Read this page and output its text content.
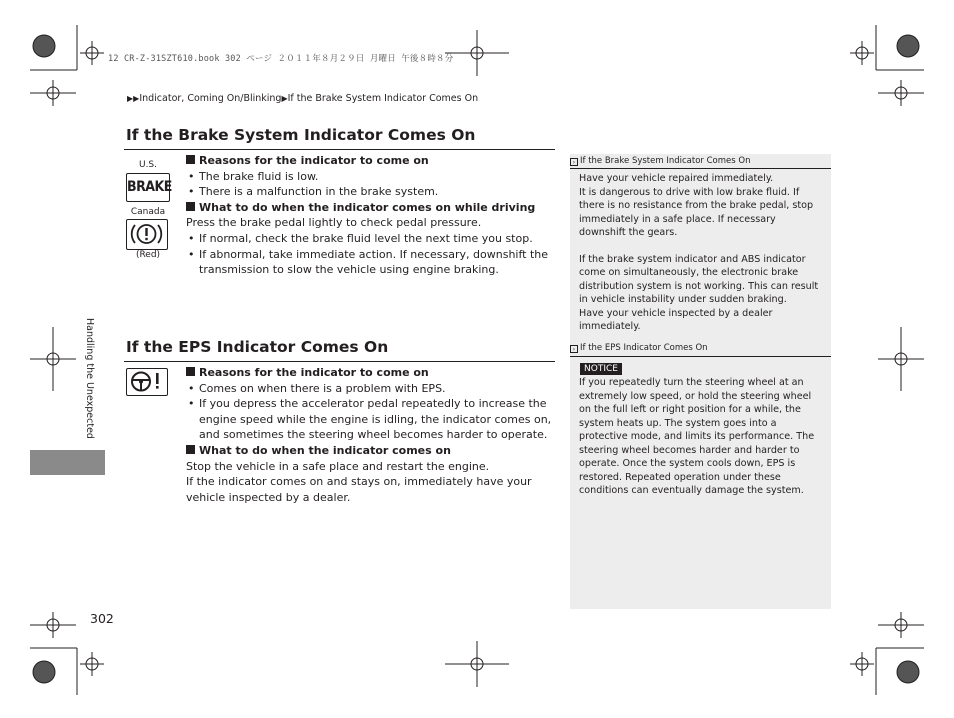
12 CR-Z-31SZT610.book 302 ページ ２０１１年８月２９日 月曜日 午後８時８分
▶▶Indicator, Coming On/Blinking▶If the Brake System Indicator Comes On
Handling the Unexpected
If the Brake System Indicator Comes On
U.S.
BRAKE
Canada
(Red)
Reasons for the indicator to come on
• The brake fluid is low.
• There is a malfunction in the brake system.
What to do when the indicator comes on while driving
Press the brake pedal lightly to check pedal pressure.
• If normal, check the brake fluid level the next time you stop.
• If abnormal, take immediate action. If necessary, downshift the transmission to slow the vehicle using engine braking.
If the EPS Indicator Comes On
Reasons for the indicator to come on
• Comes on when there is a problem with EPS.
• If you depress the accelerator pedal repeatedly to increase the engine speed while the engine is idling, the indicator comes on, and sometimes the steering wheel becomes harder to operate.
What to do when the indicator comes on
Stop the vehicle in a safe place and restart the engine.
If the indicator comes on and stays on, immediately have your vehicle inspected by a dealer.
› If the Brake System Indicator Comes On
Have your vehicle repaired immediately.
It is dangerous to drive with low brake fluid. If there is no resistance from the brake pedal, stop immediately in a safe place. If necessary downshift the gears.
If the brake system indicator and ABS indicator come on simultaneously, the electronic brake distribution system is not working. This can result in vehicle instability under sudden braking.
Have your vehicle inspected by a dealer immediately.
› If the EPS Indicator Comes On
NOTICE
If you repeatedly turn the steering wheel at an extremely low speed, or hold the steering wheel on the full left or right position for a while, the system heats up. The system goes into a protective mode, and limits its performance. The steering wheel becomes harder and harder to operate. Once the system cools down, EPS is restored. Repeated operation under these conditions can eventually damage the system.
302
